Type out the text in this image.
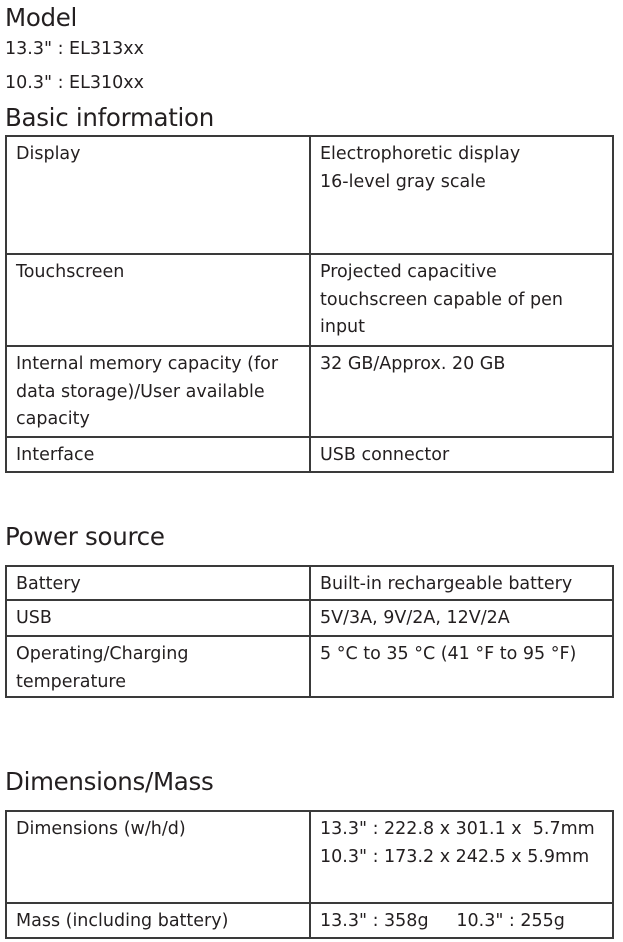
Model

13.3" : EL313xx

10.3" : EL310xx

Basic information
Display	Electrophoretic display
16-level gray scale

Touchscreen	Projected capacitive
touchscreen capable of pen
input

Internal memory capacity (for data storage)/User available capacity	32 GB/Approx. 20 GB

Interface	USB connector
Power source
Battery	Built-in rechargeable battery

USB	5V/3A, 9V/2A, 12V/2A

Operating/Charging temperature	5 °C to 35 °C (41 °F to 95 °F)
Dimensions/Mass
Dimensions (w/h/d)	13.3" : 222.8 x 301.1 x  5.7mm
10.3" : 173.2 x 242.5 x 5.9mm

Mass (including battery)	13.3" : 358g     10.3" : 255g
